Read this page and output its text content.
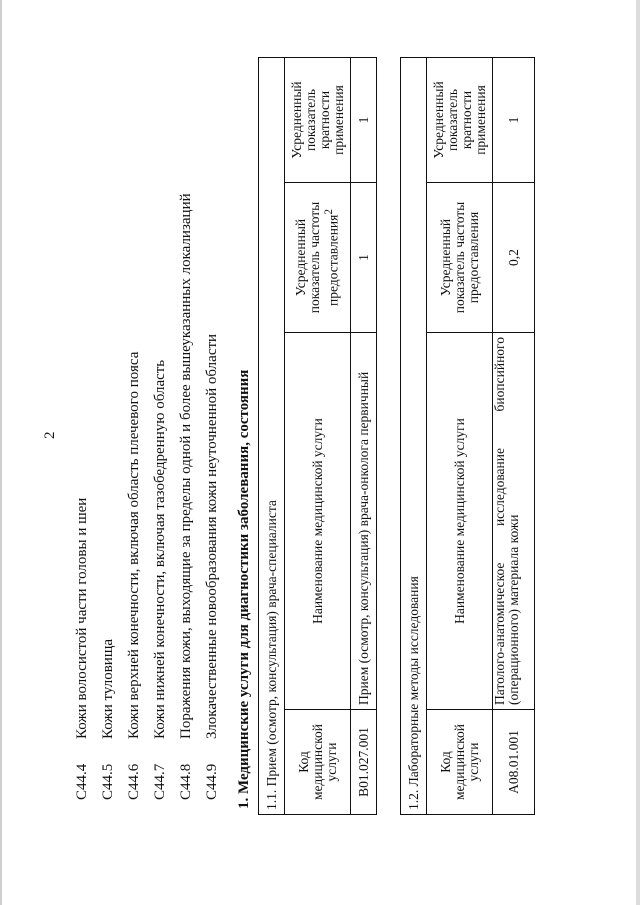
2
C44.4
Кожи волосистой части головы и шеи
C44.5
Кожи туловища
C44.6
Кожи верхней конечности, включая область плечевого пояса
C44.7
Кожи нижней конечности, включая тазобедренную область
C44.8
Поражения кожи, выходящие за пределы одной и более вышеуказанных локализаций
C44.9
Злокачественные новообразования кожи неуточненной области 1. Медицинские услуги для диагностики заболевания, состояния 1.1. Прием (осмотр, консультация) врача-специалиста			
Код медицинской услуги	Наименование медицинской услуги	Усредненный показатель частоты предоставления$^2$	Усредненный показатель кратности применения
B01.027.001	Прием (осмотр, консультация) врача-онколога первичный	1	1
1.2. Лабораторные методы исследования			
Код медицинской услуги	Наименование медицинской услуги	Усредненный показатель частоты предоставления	Усредненный показатель кратности применения
A08.01.001	Патолого-анатомическое исследование биопсийного (операционного) материала кожи	0,2	1
